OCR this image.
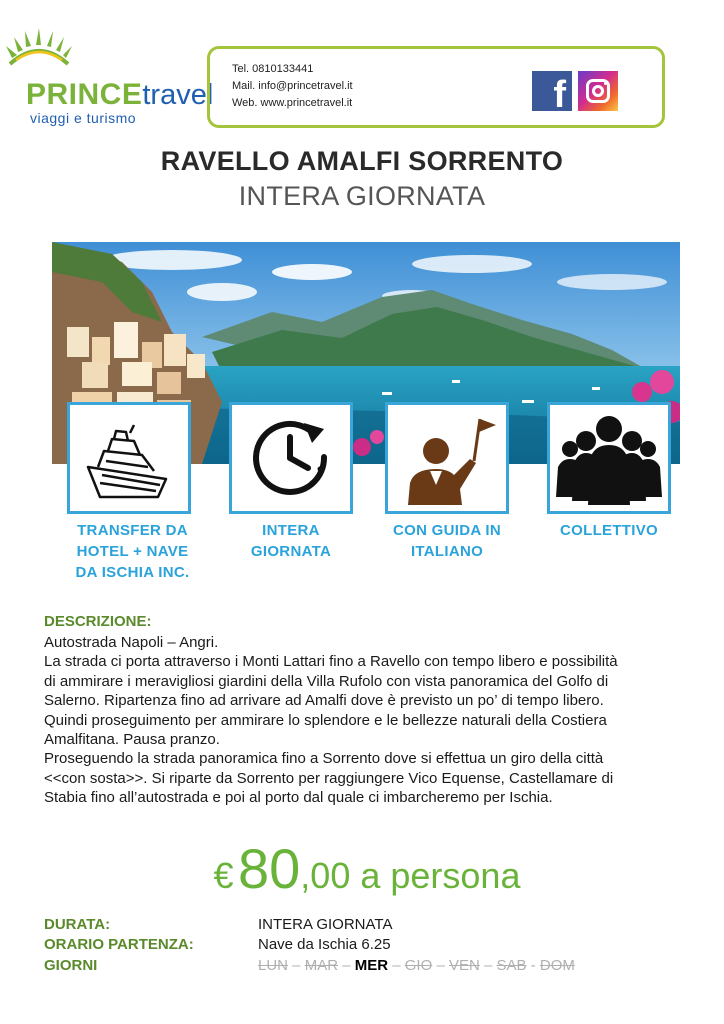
PRINCEtravel
viaggi e turismo
Tel. 0810133441
Mail. info@princetravel.it
Web. www.princetravel.it	f
RAVELLO AMALFI SORRENTO
INTERA GIORNATA
TRANSFER DA
HOTEL + NAVE
DA ISCHIA INC.
INTERA
GIORNATA
CON GUIDA IN
ITALIANO
COLLETTIVO
DESCRIZIONE:

Autostrada Napoli – Angri.

La strada ci porta attraverso i Monti Lattari fino a Ravello con tempo libero e possibilità

di ammirare i meravigliosi giardini della Villa Rufolo con vista panoramica del Golfo di

Salerno. Ripartenza fino ad arrivare ad Amalfi dove è previsto un po’ di tempo libero.

Quindi proseguimento per ammirare lo splendore e le bellezze naturali della Costiera

Amalfitana. Pausa pranzo.

Proseguendo la strada panoramica fino a Sorrento dove si effettua un giro della città

<<con sosta>>. Si riparte da Sorrento per raggiungere Vico Equense, Castellamare di

Stabia fino all’autostrada e poi al porto dal quale ci imbarcheremo per Ischia.

€ 80,00 a persona
DURATA:	INTERA GIORNATA
ORARIO PARTENZA:	Nave da Ischia 6.25
GIORNI	LUN – MAR – MER – GIO – VEN – SAB - DOM
